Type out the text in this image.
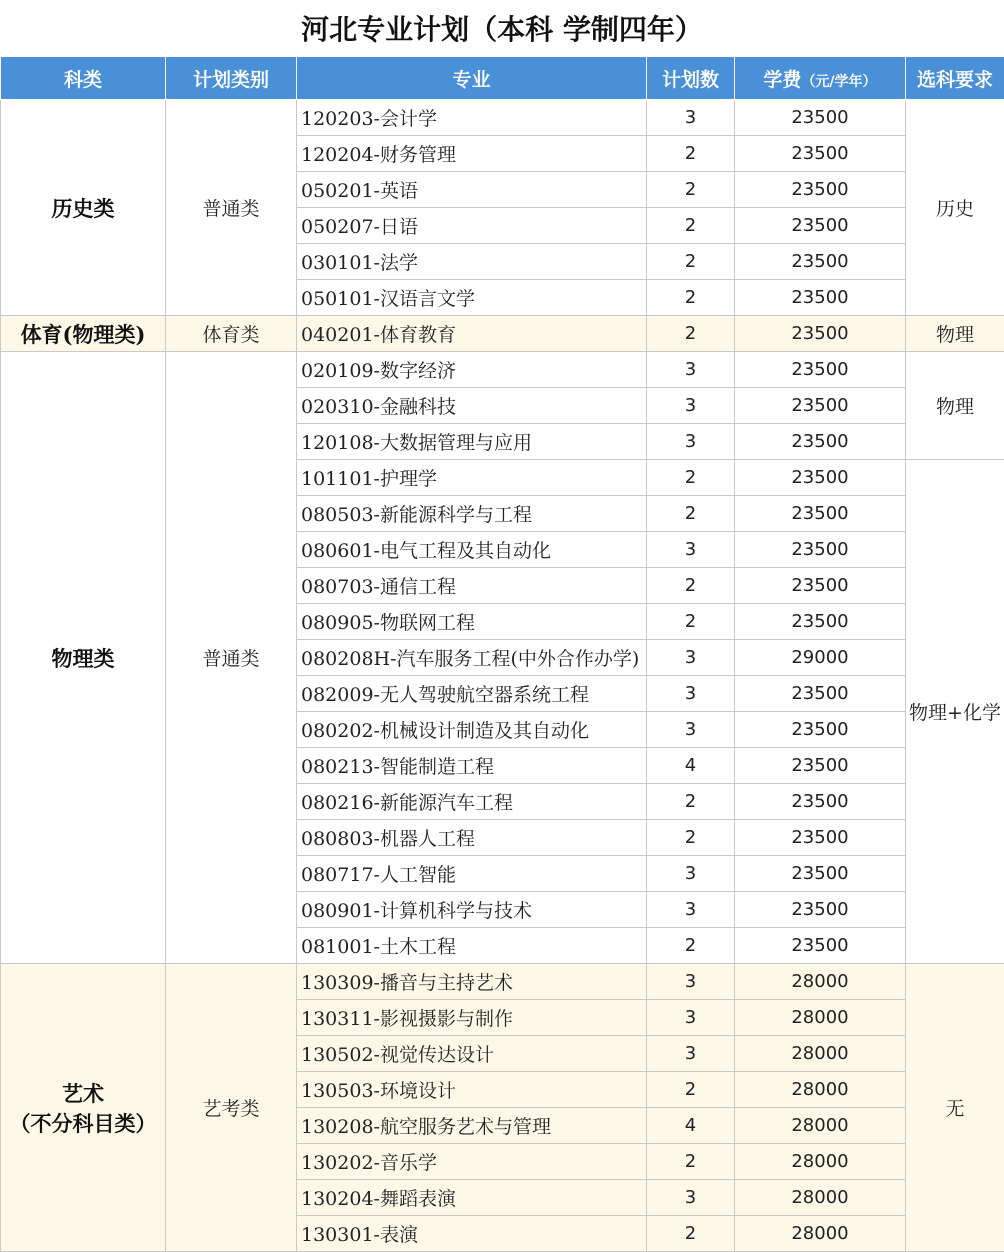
河北专业计划（本科 学制四年）
科类	计划类别	专业	计划数	学费（元/学年）	选科要求
历史类	普通类	120203-会计学	3	23500	历史
		120204-财务管理	2	23500	
		050201-英语	2	23500	
		050207-日语	2	23500	
		030101-法学	2	23500	
		050101-汉语言文学	2	23500	
体育(物理类)	体育类	040201-体育教育	2	23500	物理
物理类	普通类	020109-数字经济	3	23500	物理
		020310-金融科技	3	23500	
		120108-大数据管理与应用	3	23500	
		101101-护理学	2	23500	物理+化学
		080503-新能源科学与工程	2	23500	
		080601-电气工程及其自动化	3	23500	
		080703-通信工程	2	23500	
		080905-物联网工程	2	23500	
		080208H-汽车服务工程(中外合作办学)	3	29000	
		082009-无人驾驶航空器系统工程	3	23500	
		080202-机械设计制造及其自动化	3	23500	
		080213-智能制造工程	4	23500	
		080216-新能源汽车工程	2	23500	
		080803-机器人工程	2	23500	
		080717-人工智能	3	23500	
		080901-计算机科学与技术	3	23500	
		081001-土木工程	2	23500	

艺术
（不分科目类）	艺考类	130309-播音与主持艺术	3	28000	无
		130311-影视摄影与制作	3	28000	
		130502-视觉传达设计	3	28000	
		130503-环境设计	2	28000	
		130208-航空服务艺术与管理	4	28000	
		130202-音乐学	2	28000	
		130204-舞蹈表演	3	28000	
		130301-表演	2	28000	
